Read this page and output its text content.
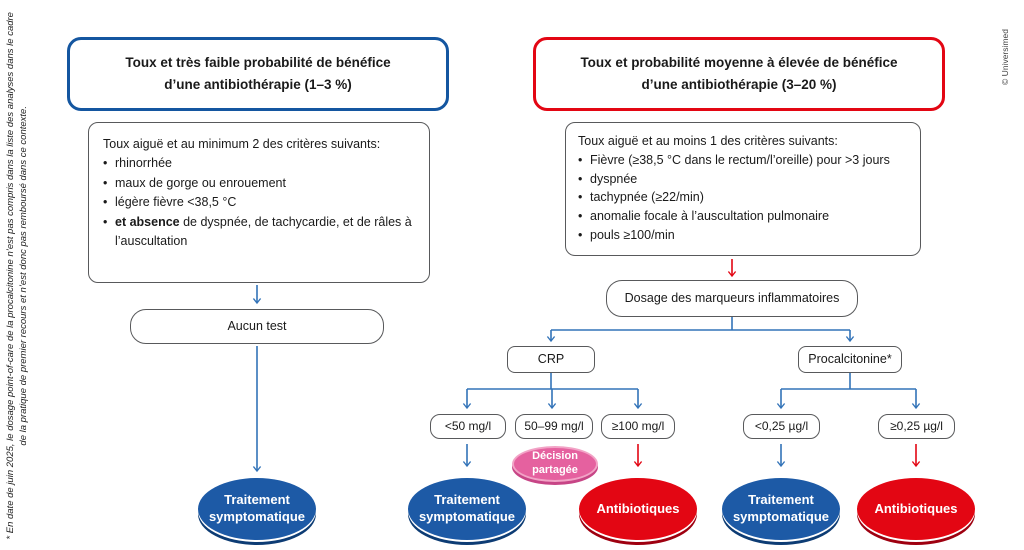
* En date de juin 2025, le dosage point-of-care de la procalcitonine n’est pas compris dans la liste des analyses dans le cadre de la pratique de premier recours et n’est donc pas remboursé dans ce contexte.
© Universimed
Toux et très faible probabilité de bénéfice
d’une antibiothérapie (1–3 %)
Toux aiguë et au minimum 2 des critères suivants:
• rhinorrhée
• maux de gorge ou enrouement
• légère fièvre <38,5 °C
• et absence de dyspnée, de tachycardie, et de râles à l’auscultation
Aucun test
Traitement
symptomatique
Toux et probabilité moyenne à élevée de bénéfice
d’une antibiothérapie (3–20 %)
Toux aiguë et au moins 1 des critères suivants:
• Fièvre (≥38,5 °C dans le rectum/l’oreille) pour >3 jours
• dyspnée
• tachypnée (≥22/min)
• anomalie focale à l’auscultation pulmonaire
• pouls ≥100/min
Dosage des marqueurs inflammatoires
CRP	Procalcitonine*
<50 mg/l	50–99 mg/l ≥100 mg/l	<0,25 µg/l	≥0,25 µg/l
Décision
partagée
Traitement
symptomatique
Antibiotiques
Traitement
symptomatique
Antibiotiques
